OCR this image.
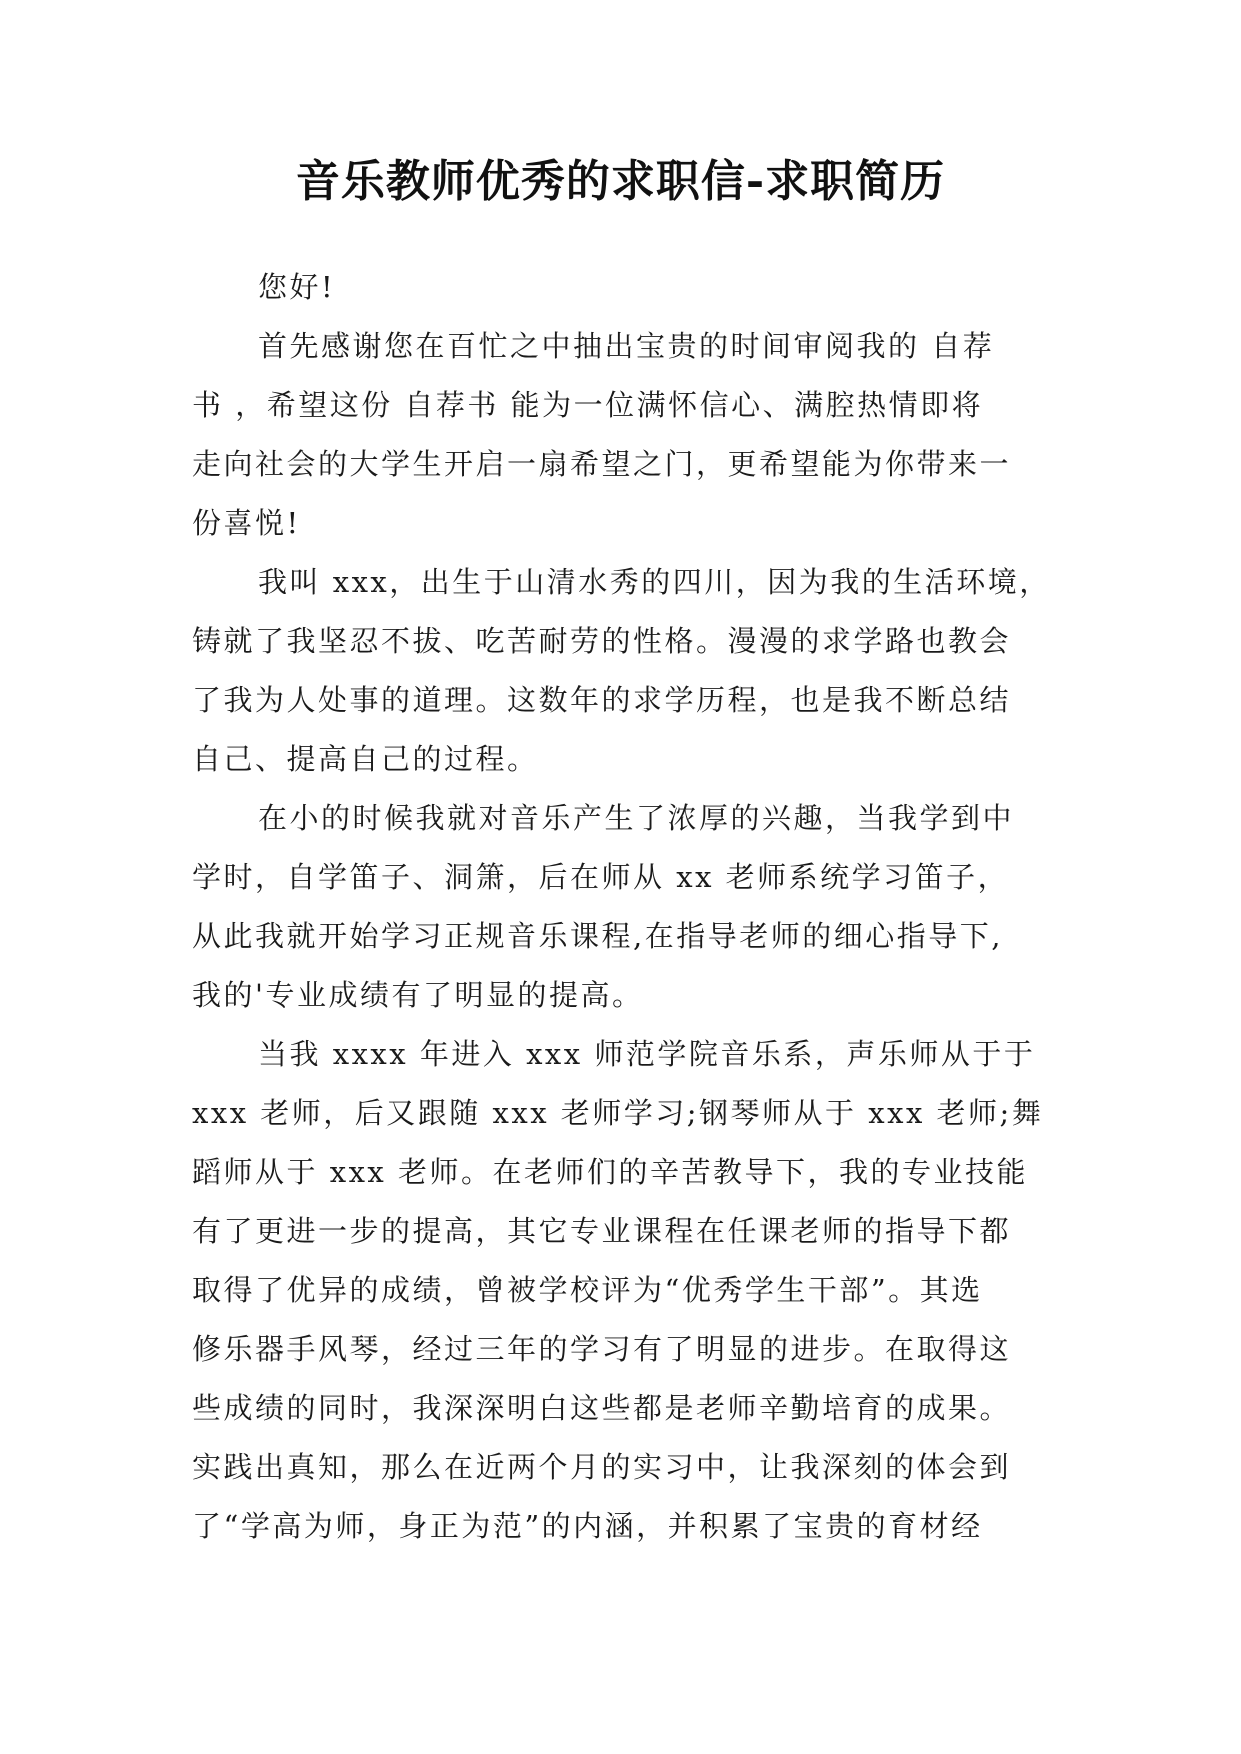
音乐教师优秀的求职信-求职简历
您好!
首先感谢您在百忙之中抽出宝贵的时间审阅我的 自荐
书 ，希望这份 自荐书 能为一位满怀信心、满腔热情即将
走向社会的大学生开启一扇希望之门，更希望能为你带来一
份喜悦!
我叫 xxx，出生于山清水秀的四川，因为我的生活环境，
铸就了我坚忍不拔、吃苦耐劳的性格。漫漫的求学路也教会
了我为人处事的道理。这数年的求学历程，也是我不断总结
自己、提高自己的过程。
在小的时候我就对音乐产生了浓厚的兴趣，当我学到中
学时，自学笛子、洞箫，后在师从 xx 老师系统学习笛子，
从此我就开始学习正规音乐课程,在指导老师的细心指导下,
我的'专业成绩有了明显的提高。
当我 xxxx 年进入 xxx 师范学院音乐系，声乐师从于于
xxx 老师，后又跟随 xxx 老师学习;钢琴师从于 xxx 老师;舞
蹈师从于 xxx 老师。在老师们的辛苦教导下，我的专业技能
有了更进一步的提高，其它专业课程在任课老师的指导下都
取得了优异的成绩，曾被学校评为“优秀学生干部”。其选
修乐器手风琴，经过三年的学习有了明显的进步。在取得这
些成绩的同时，我深深明白这些都是老师辛勤培育的成果。
实践出真知，那么在近两个月的实习中，让我深刻的体会到
了“学高为师，身正为范”的内涵，并积累了宝贵的育材经
